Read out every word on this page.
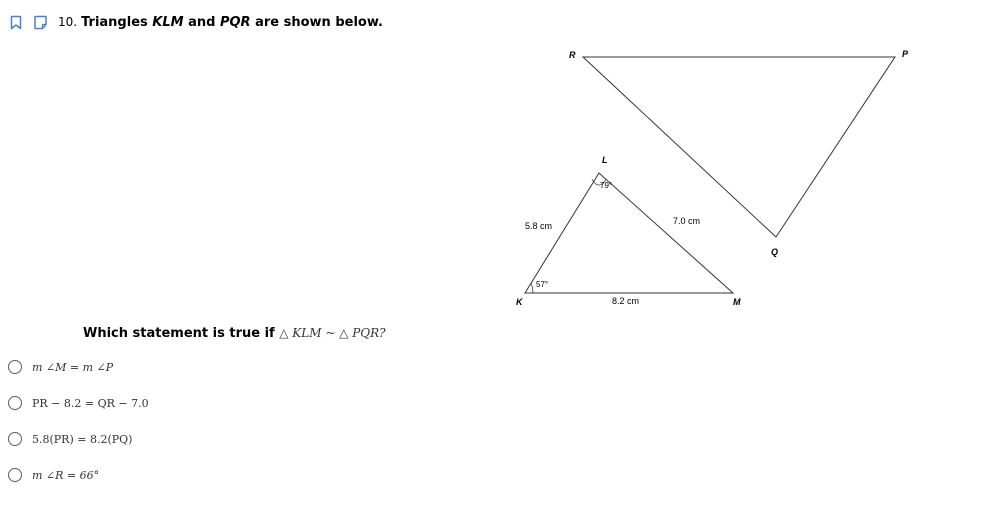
10. Triangles KLM and PQR are shown below.
R	P
Q
L
K	M
5.8 cm	7.0 cm
8.2 cm
79°
57°
Which statement is true if △ KLM ~ △ PQR?
m ∠M = m ∠P
PR − 8.2 = QR − 7.0
5.8(PR) = 8.2(PQ)
m ∠R = 66°
